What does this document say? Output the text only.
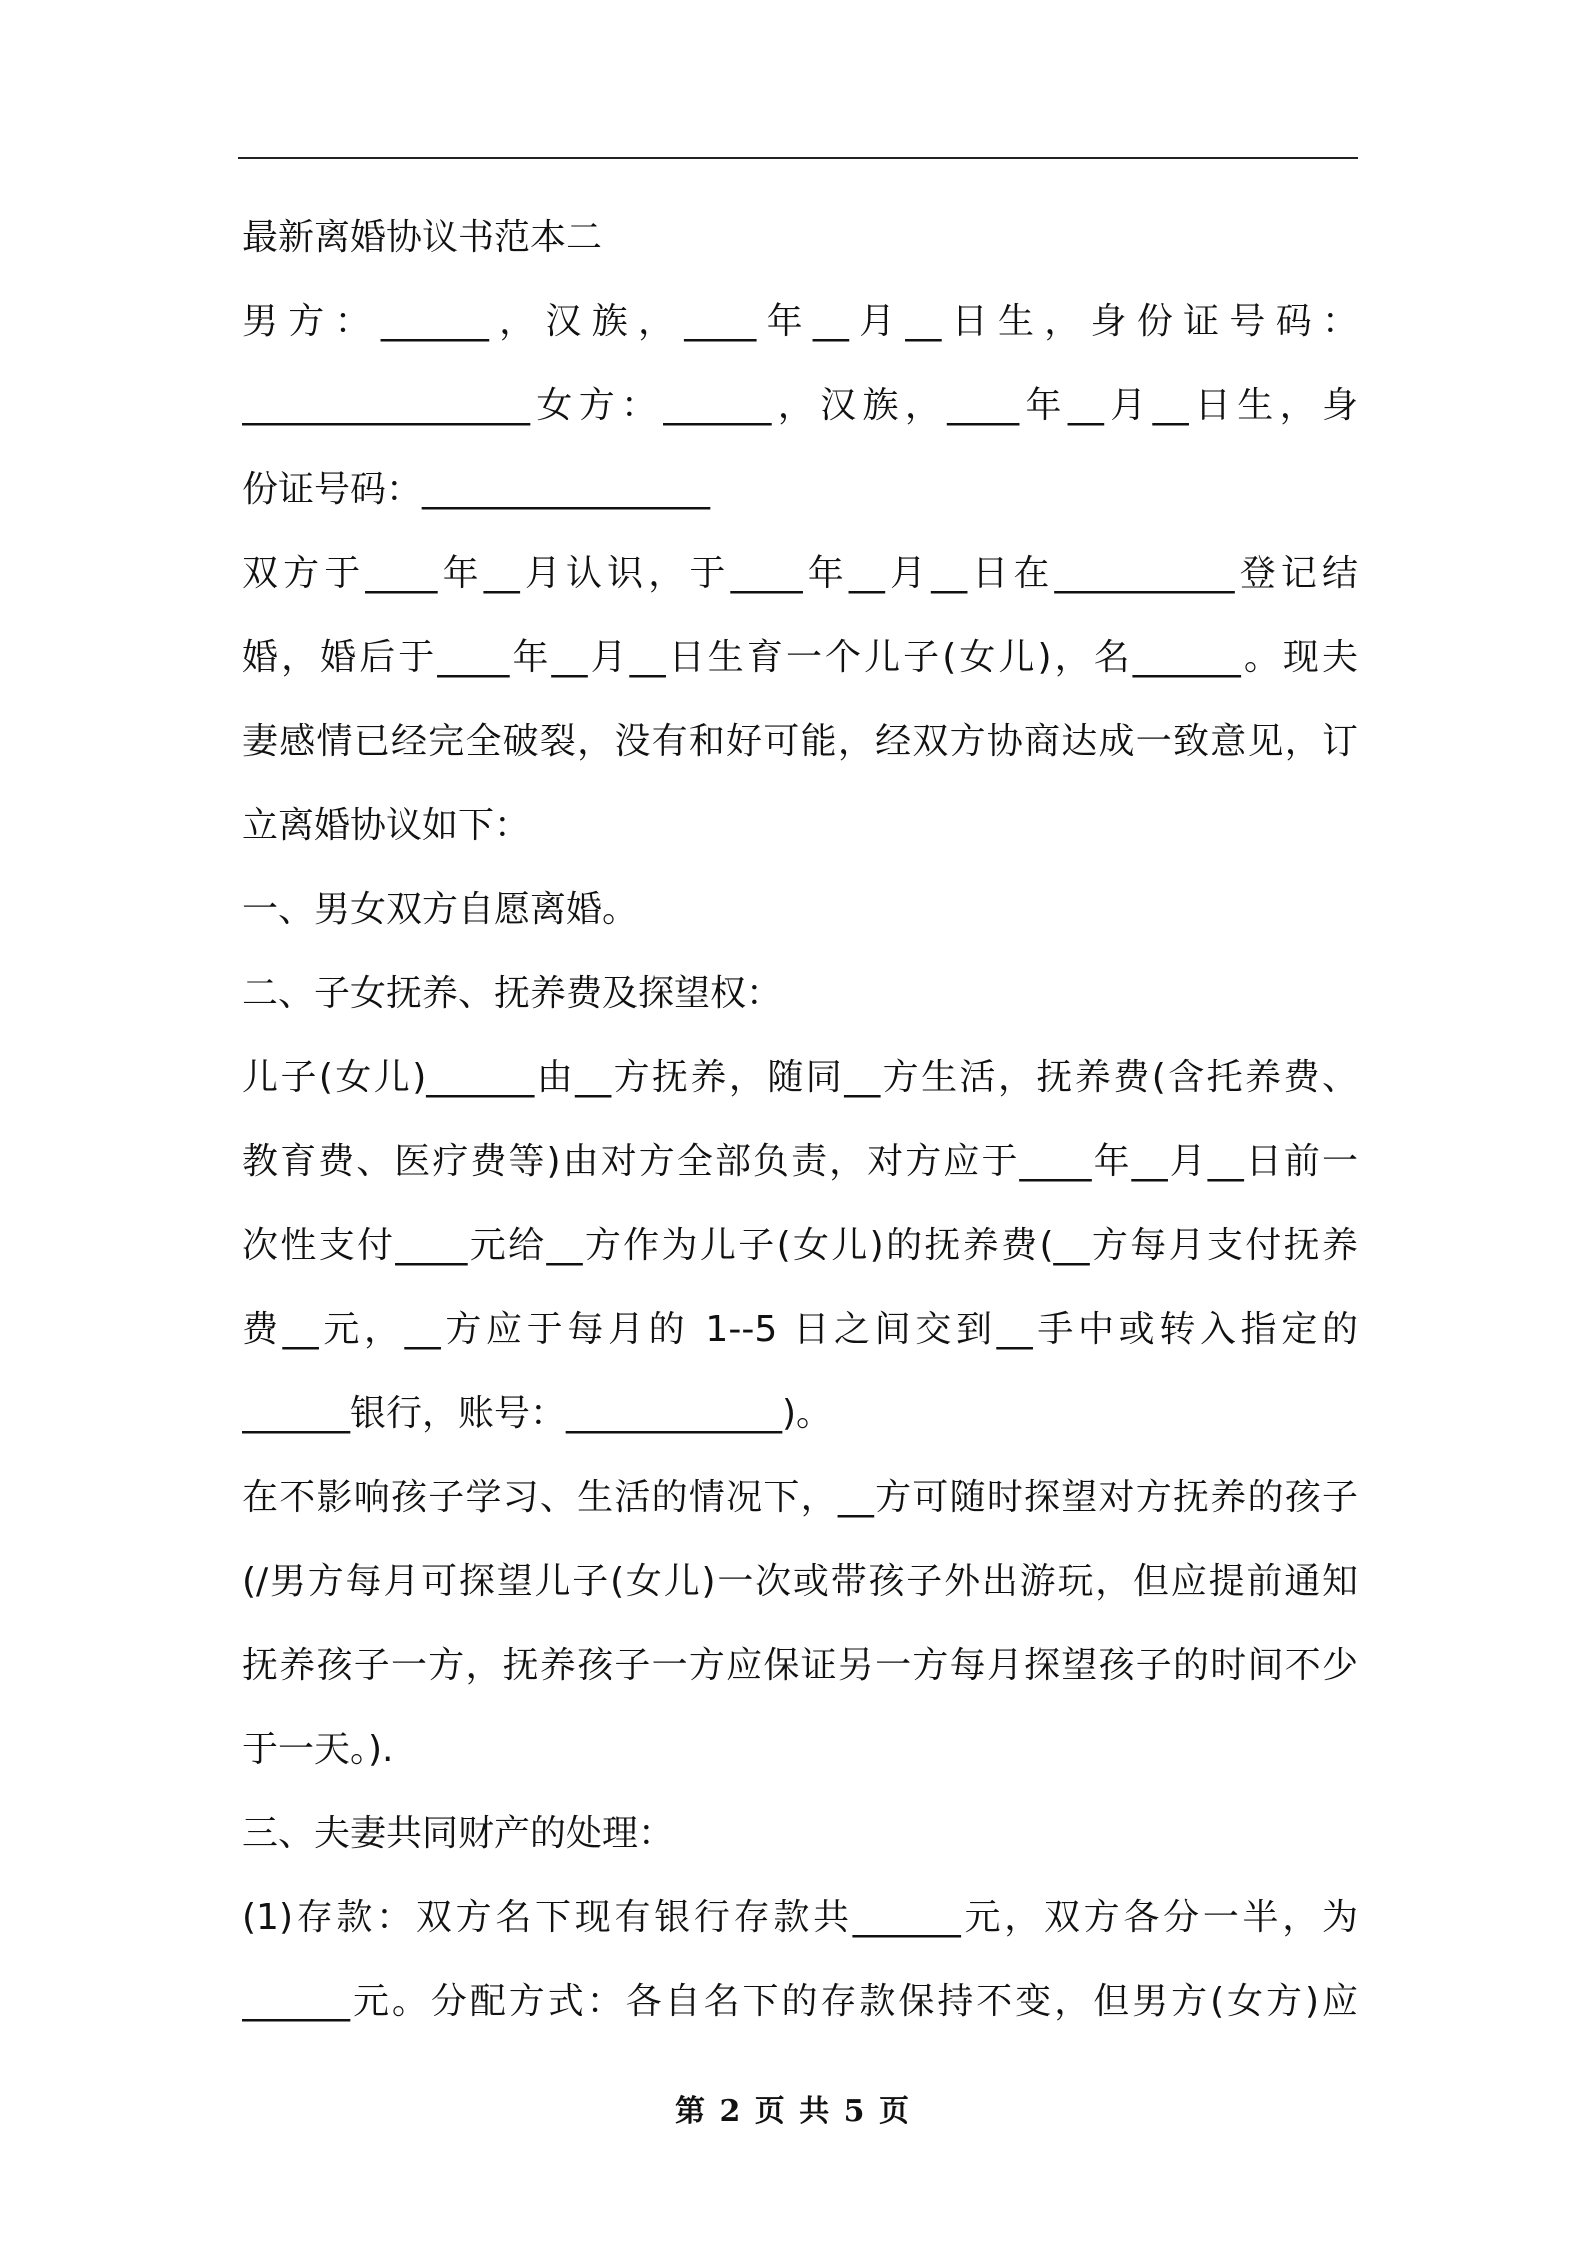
最新离婚协议书范本二
男方：______，汉族，____年__月__日生，身份证号码：
________________女方：______，汉族，____年__月__日生，身
份证号码：________________
双方于____年__月认识，于____年__月__日在__________登记结
婚，婚后于____年__月__日生育一个儿子(女儿)，名______。现夫
妻感情已经完全破裂，没有和好可能，经双方协商达成一致意见，订
立离婚协议如下：
一、男女双方自愿离婚。
二、子女抚养、抚养费及探望权：
儿子(女儿)______由__方抚养，随同__方生活，抚养费(含托养费、
教育费、医疗费等)由对方全部负责，对方应于____年__月__日前一
次性支付____元给__方作为儿子(女儿)的抚养费(__方每月支付抚养
费__元，__方应于每月的 1--5 日之间交到__手中或转入指定的
______银行，账号：____________)。
在不影响孩子学习、生活的情况下，__方可随时探望对方抚养的孩子
(/男方每月可探望儿子(女儿)一次或带孩子外出游玩，但应提前通知
抚养孩子一方，抚养孩子一方应保证另一方每月探望孩子的时间不少
于一天。).
三、夫妻共同财产的处理：
(1)存款：双方名下现有银行存款共______元，双方各分一半，为
______元。分配方式：各自名下的存款保持不变，但男方(女方)应
第 2 页 共 5 页
